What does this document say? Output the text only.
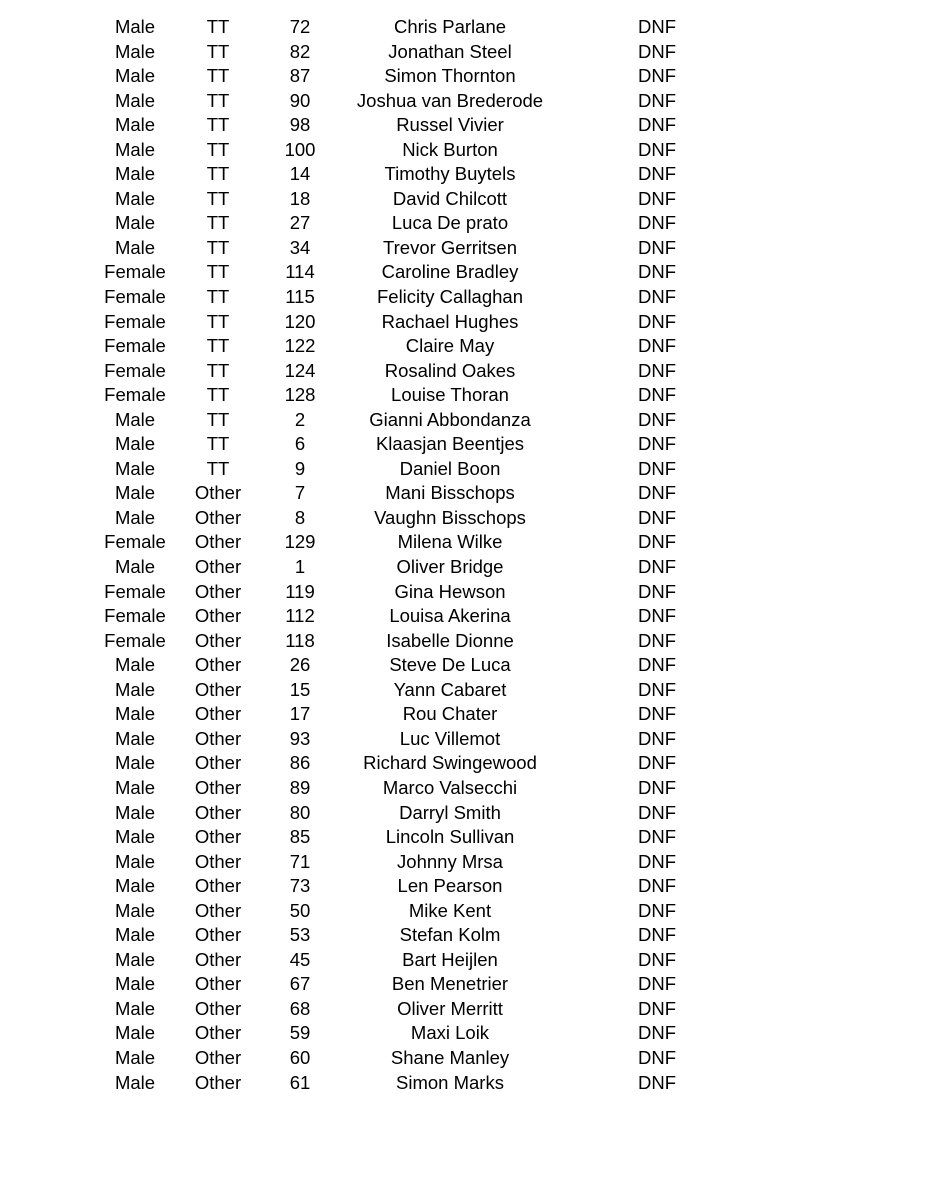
Male	TT	72	Chris Parlane	DNF
Male	TT	82	Jonathan Steel	DNF
Male	TT	87	Simon Thornton	DNF
Male	TT	90	Joshua van Brederode	DNF
Male	TT	98	Russel Vivier	DNF
Male	TT	100	Nick Burton	DNF
Male	TT	14	Timothy Buytels	DNF
Male	TT	18	David Chilcott	DNF
Male	TT	27	Luca De prato	DNF
Male	TT	34	Trevor Gerritsen	DNF
Female	TT	114	Caroline Bradley	DNF
Female	TT	115	Felicity Callaghan	DNF
Female	TT	120	Rachael Hughes	DNF
Female	TT	122	Claire May	DNF
Female	TT	124	Rosalind Oakes	DNF
Female	TT	128	Louise Thoran	DNF
Male	TT	2	Gianni Abbondanza	DNF
Male	TT	6	Klaasjan Beentjes	DNF
Male	TT	9	Daniel Boon	DNF
Male	Other	7	Mani Bisschops	DNF
Male	Other	8	Vaughn Bisschops	DNF
Female	Other	129	Milena Wilke	DNF
Male	Other	1	Oliver Bridge	DNF
Female	Other	119	Gina Hewson	DNF
Female	Other	112	Louisa Akerina	DNF
Female	Other	118	Isabelle Dionne	DNF
Male	Other	26	Steve De Luca	DNF
Male	Other	15	Yann Cabaret	DNF
Male	Other	17	Rou Chater	DNF
Male	Other	93	Luc Villemot	DNF
Male	Other	86	Richard Swingewood	DNF
Male	Other	89	Marco Valsecchi	DNF
Male	Other	80	Darryl Smith	DNF
Male	Other	85	Lincoln Sullivan	DNF
Male	Other	71	Johnny Mrsa	DNF
Male	Other	73	Len Pearson	DNF
Male	Other	50	Mike Kent	DNF
Male	Other	53	Stefan Kolm	DNF
Male	Other	45	Bart Heijlen	DNF
Male	Other	67	Ben Menetrier	DNF
Male	Other	68	Oliver Merritt	DNF
Male	Other	59	Maxi Loik	DNF
Male	Other	60	Shane Manley	DNF
Male	Other	61	Simon Marks	DNF
